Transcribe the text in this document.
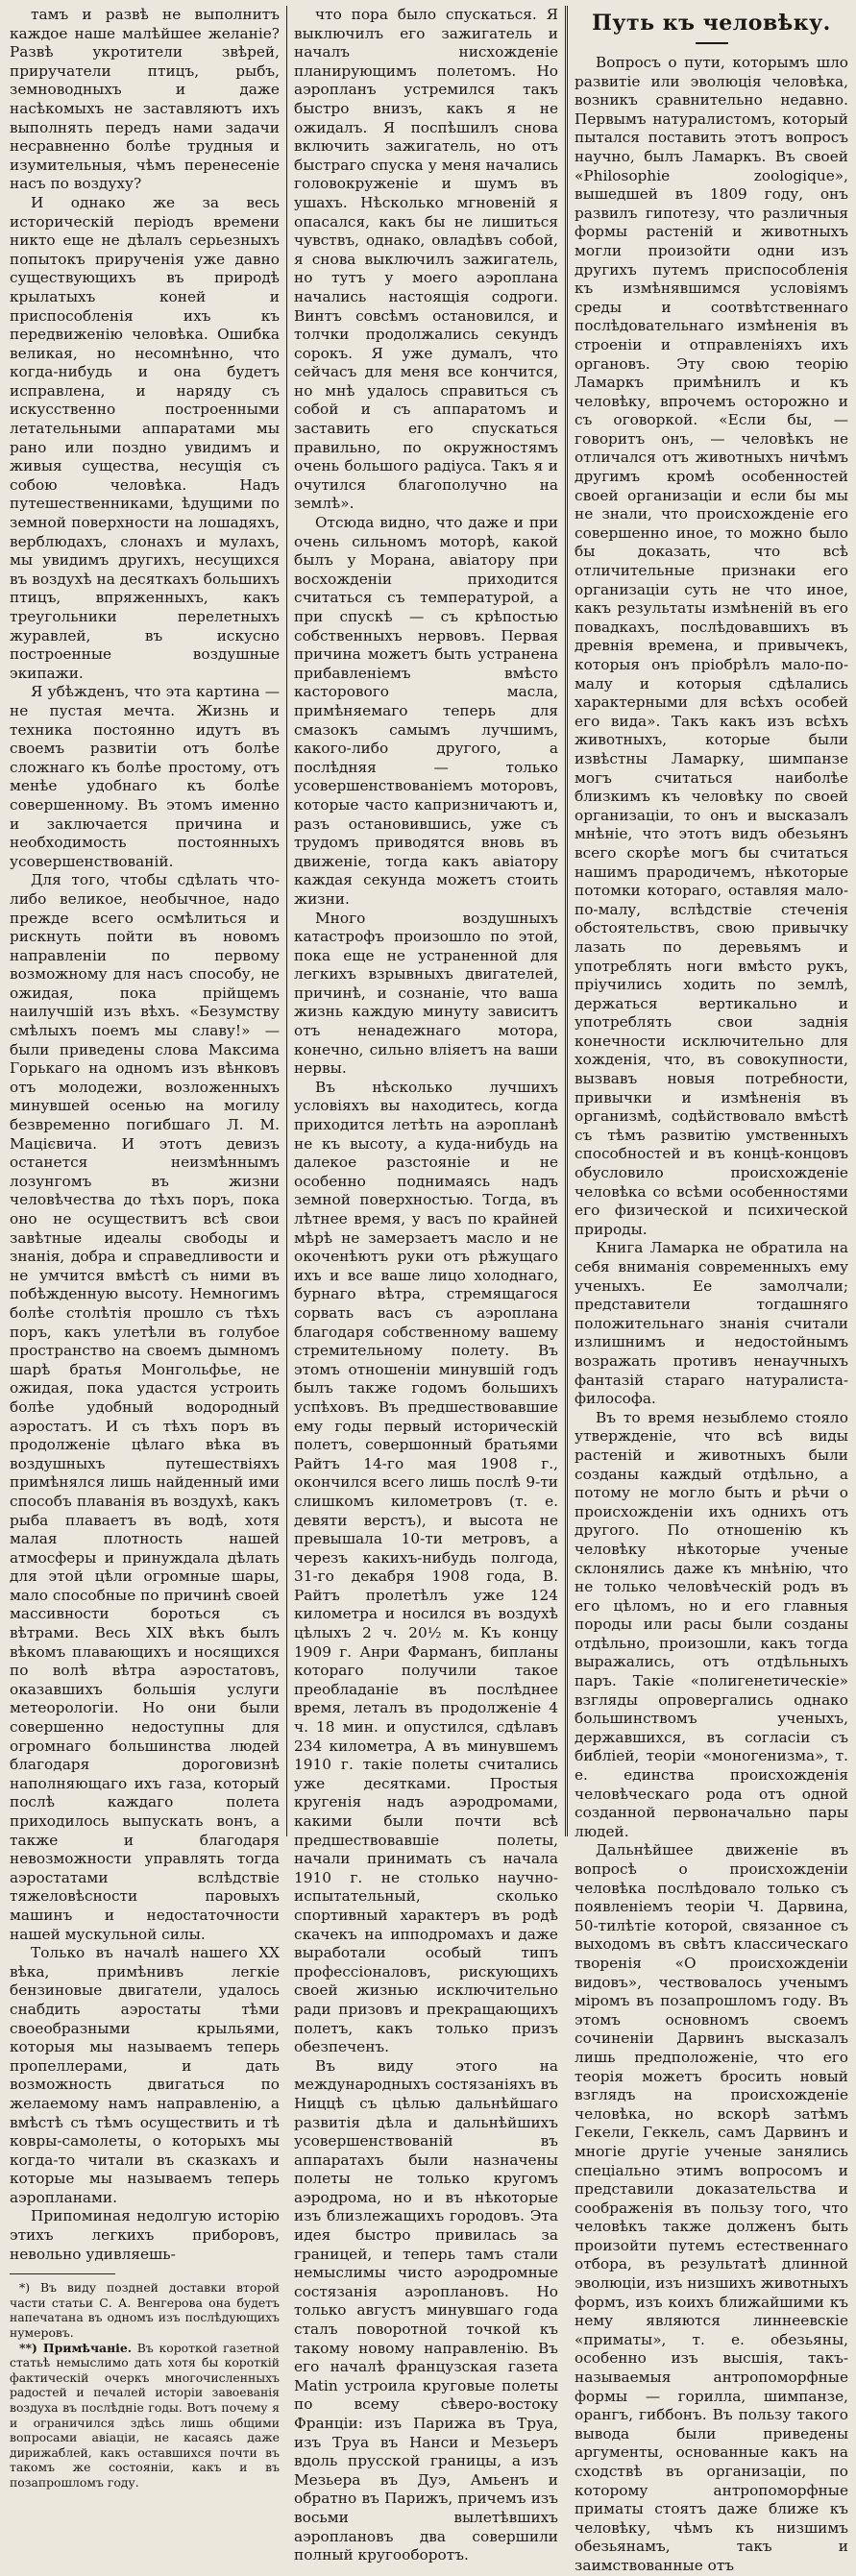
тамъ и развѣ не выполнитъ каждое наше малѣйшее желаніе? Развѣ укротители звѣрей, приручатели птицъ, рыбъ, земноводныхъ и даже насѣкомыхъ не заставляютъ ихъ выполнять передъ нами задачи несравненно болѣе трудныя и изумительныя, чѣмъ перенесеніе насъ по воздуху?

И однако же за весь историческій періодъ времени никто еще не дѣлалъ серьезныхъ попытокъ прирученія уже давно существующихъ въ природѣ крылатыхъ коней и приспособленія ихъ къ передвиженію человѣка. Ошибка великая, но несомнѣнно, что когда-нибудь и она будетъ исправлена, и наряду съ искусственно построенными летательными аппаратами мы рано или поздно увидимъ и живыя существа, несущія съ собою человѣка. Надъ путешественниками, ѣдущими по земной поверхности на лошадяхъ, верблюдахъ, слонахъ и мулахъ, мы увидимъ другихъ, несущихся въ воздухѣ на десяткахъ большихъ птицъ, впряженныхъ, какъ треугольники перелетныхъ журавлей, въ искусно построенные воздушные экипажи.

Я убѣжденъ, что эта картина — не пустая мечта. Жизнь и техника постоянно идутъ въ своемъ развитіи отъ болѣе сложнаго къ болѣе простому, отъ менѣе удобнаго къ болѣе совершенному. Въ этомъ именно и заключается причина и необходимость постоянныхъ усовершенствованій.

Для того, чтобы сдѣлать что-либо великое, необычное, надо прежде всего осмѣлиться и рискнуть пойти въ новомъ направленіи по первому возможному для насъ способу, не ожидая, пока прійщемъ наилучшій изъ вѣхъ. «Безумству смѣлыхъ поемъ мы славу!» — были приведены слова Максима Горькаго на одномъ изъ вѣнковъ отъ молодежи, возложенныхъ минувшей осенью на могилу безвременно погибшаго Л. М. Мацієвича. И этотъ девизъ останется неизмѣннымъ лозунгомъ въ жизни человѣчества до тѣхъ поръ, пока оно не осуществитъ всѣ свои завѣтные идеалы свободы и знанія, добра и справедливости и не умчится вмѣстѣ съ ними въ побѣжденную высоту. Немногимъ болѣе столѣтія прошло съ тѣхъ поръ, какъ улетѣли въ голубое пространство на своемъ дымномъ шарѣ братья Монгольфье, не ожидая, пока удастся устроить болѣе удобный водородный аэростатъ. И съ тѣхъ поръ въ продолженіе цѣлаго вѣка въ воздушныхъ путешествіяхъ примѣнялся лишь найденный ими способъ плаванія въ воздухѣ, какъ рыба плаваетъ въ водѣ, хотя малая плотность нашей атмосферы и принуждала дѣлать для этой цѣли огромные шары, мало способные по причинѣ своей массивности бороться съ вѣтрами. Весь XIX вѣкъ былъ вѣкомъ плавающихъ и носящихся по волѣ вѣтра аэростатовъ, оказавшихъ большія услуги метеорологіи. Но они были совершенно недоступны для огромнаго большинства людей благодаря дороговизнѣ наполняющаго ихъ газа, который послѣ каждаго полета приходилось выпускать вонъ, а также и благодаря невозможности управлять тогда аэростатами вслѣдствіе тяжеловѣсности паровыхъ машинъ и недостаточности нашей мускульной силы.

Только въ началѣ нашего XX вѣка, примѣнивъ легкіе бензиновые двигатели, удалось снабдить аэростаты тѣми своеобразными крыльями, которыя мы называемъ теперь пропеллерами, и дать возможность двигаться по желаемому намъ направленію, а вмѣстѣ съ тѣмъ осуществить и тѣ ковры-самолеты, о которыхъ мы когда-то читали въ сказкахъ и которые мы называемъ теперь аэропланами.

Припоминая недолгую исторію этихъ легкихъ приборовъ, невольно удивляешь-

*) Въ виду поздней доставки второй части статьи С. А. Венгерова она будетъ напечатана въ одномъ изъ послѣдующихъ нумеровъ.

**) Примѣчаніе. Въ короткой газетной статьѣ немыслимо дать хотя бы короткій фактическій очеркъ многочисленныхъ радостей и печалей исторіи завоеванія воздуха въ послѣдніе годы. Вотъ почему я и ограничился здѣсь лишь общими вопросами авіаціи, не касаясь даже дирижаблей, какъ оставшихся почти въ такомъ же состояніи, какъ и въ позапрошломъ году.

что пора было спускаться. Я выключилъ его зажигатель и началъ нисхожденіе планирующимъ полетомъ. Но аэропланъ устремился такъ быстро внизъ, какъ я не ожидалъ. Я поспѣшилъ снова включить зажигатель, но отъ быстраго спуска у меня начались головокруженіе и шумъ въ ушахъ. Нѣсколько мгновеній я опасался, какъ бы не лишиться чувствъ, однако, овладѣвъ собой, я снова выключилъ зажигатель, но тутъ у моего аэроплана начались настоящія содроги. Винтъ совсѣмъ остановился, и толчки продолжались секундъ сорокъ. Я уже думалъ, что сейчасъ для меня все кончится, но мнѣ удалось справиться съ собой и съ аппаратомъ и заставить его спускаться правильно, по окружностямъ очень большого радіуса. Такъ я и очутился благополучно на землѣ».

Отсюда видно, что даже и при очень сильномъ моторѣ, какой былъ у Моранa, авіатору при восхожденіи приходится считаться съ температурой, а при спускѣ — съ крѣпостью собственныхъ нервовъ. Первая причина можетъ быть устранена прибавленіемъ вмѣсто касторового масла, примѣняемаго теперь для смазокъ самымъ лучшимъ, какого-либо другого, а послѣдняя — только усовершенствованіемъ моторовъ, которые часто капризничаютъ и, разъ остановившись, уже съ трудомъ приводятся вновь въ движеніе, тогда какъ авіатору каждая секунда можетъ стоить жизни.

Много воздушныхъ катастрофъ произошло по этой, пока еще не устраненной для легкихъ взрывныхъ двигателей, причинѣ, и сознаніе, что ваша жизнь каждую минуту зависитъ отъ ненадежнаго мотора, конечно, сильно вліяетъ на ваши нервы.

Въ нѣсколько лучшихъ условіяхъ вы находитесь, когда приходится летѣть на аэропланѣ не къ высоту, а кудa-нибудь на далекое разстояніе и не особенно поднимаясь надъ земной поверхностью. Тогда, въ лѣтнее время, у васъ по крайней мѣрѣ не замерзаетъ масло и не окоченѣютъ руки отъ рѣжущаго ихъ и все ваше лицо холоднаго, бурнаго вѣтра, стремящагося сорвать васъ съ аэроплана благодаря собственному вашему стремительному полету. Въ этомъ отношеніи минувшій годъ былъ также годомъ большихъ успѣховъ. Въ предшествовавшие ему годы первый историческій полетъ, совершонный братьями Райтъ 14-го мая 1908 г., окончился всего лишь послѣ 9-ти слишкомъ километровъ (т. е. девяти верстъ), и высота не превышала 10-ти метровъ, а черезъ какихъ-нибудь полгода, 31-го декабря 1908 года, В. Райтъ пролетѣлъ уже 124 километра и носился въ воздухѣ цѣлыхъ 2 ч. 20½ м. Къ концу 1909 г. Анри Фарманъ, бипланы котораго получили такое преобладаніе въ послѣднее время, леталъ въ продолженіе 4 ч. 18 мин. и опустился, сдѣлавъ 234 километра, А въ минувшемъ 1910 г. такіе полеты считались уже десятками. Простыя кругенія надъ аэродромами, какими были почти всѣ предшествовавшіе полеты, начали принимать съ начала 1910 г. не столько научно-испытательный, сколько спортивный характеръ въ родѣ скачекъ на ипподромахъ и даже выработали особый типъ профессіоналовъ, рискующихъ своей жизнью исключительно ради призовъ и прекращающихъ полетъ, какъ только призъ обезпеченъ.

Въ виду этого на международныхъ состязаніяхъ въ Ниццѣ съ цѣлью дальнѣйшаго развитія дѣла и дальнѣйшихъ усовершенствованій въ аппаратахъ были назначены полеты не только кругомъ аэродрома, но и въ нѣкоторые изъ близлежащихъ городовъ. Эта идея быстро привилась за границей, и теперь тамъ стали немыслимы чисто аэродромные состязанія аэроплановъ. Но только августъ минувшаго года сталъ поворотной точкой къ такому новому направленію. Въ его началѣ французская газета Matin устроила круговые полеты по всему сѣверо-востоку Франціи: изъ Парижа въ Труа, изъ Труа въ Нанси и Мезьеръ вдоль прусской границы, а изъ Мезьера въ Дуэ, Амьенъ и обратно въ Парижъ, причемъ изъ восьми вылетѣвшихъ аэроплановъ два совершили полный кругооборотъ.

Путь къ человѣку.

Вопросъ о пути, которымъ шло развитіе или эволюція человѣка, возникъ сравнительно недавно. Первымъ натуралистомъ, который пытался поставить этотъ вопросъ научно, былъ Ламаркъ. Въ своей «Philosophie zoologique», вышедшей въ 1809 году, онъ развилъ гипотезу, что различныя формы растеній и животныхъ могли произойти одни изъ другихъ путемъ приспособленія къ измѣнявшимся условіямъ среды и соотвѣтственнаго послѣдовательнаго измѣненія въ строеніи и отправленіяхъ ихъ органовъ. Эту свою теорію Ламаркъ примѣнилъ и къ человѣку, впрочемъ осторожно и съ оговоркой. «Если бы, — говоритъ онъ, — человѣкъ не отличался отъ животныхъ ничѣмъ другимъ кромѣ особенностей своей организаціи и если бы мы не знали, что происхожденіе его совершенно иное, то можно было бы доказать, что всѣ отличительные признаки его организаціи суть не что иное, какъ результаты измѣненій въ его повадкахъ, послѣдовавшихъ въ древнія времена, и привычекъ, которыя онъ пріобрѣлъ мало-по-малу и которыя сдѣлались характерными для всѣхъ особей его вида». Такъ какъ изъ всѣхъ животныхъ, которые были извѣстны Ламарку, шимпанзе могъ считаться наиболѣе близкимъ къ человѣку по своей организаціи, то онъ и высказалъ мнѣніе, что этотъ видъ обезьянъ всего скорѣе могъ бы считаться нашимъ прародичемъ, нѣкоторые потомки котораго, оставляя мало-по-малу, вслѣдствіе стеченія обстоятельствъ, свою привычку лазать по деревьямъ и употреблять ноги вмѣсто рукъ, пріучились ходить по землѣ, держаться вертикально и употреблять свои заднія конечности исключительно для хожденія, что, въ совокупности, вызвавъ новыя потребности, привычки и измѣненія въ организмѣ, содѣйствовало вмѣстѣ съ тѣмъ развитію умственныхъ способностей и въ концѣ-концовъ обусловило происхожденіе человѣка со всѣми особенностями его физической и психической природы.

Книга Ламарка не обратила на себя вниманія современныхъ ему ученыхъ. Ее замолчали; представители тогдашняго положительнаго знанія считали излишнимъ и недостойнымъ возражать противъ ненаучныхъ фантазій стараго натуралиста-философа.

Въ то время незыблемо стояло утвержденіе, что всѣ виды растеній и животныхъ были созданы каждый отдѣльно, а потому не могло быть и рѣчи о происхожденіи ихъ однихъ отъ другого. По отношенію къ человѣку нѣкоторые ученые склонялись даже къ мнѣнію, что не только человѣческій родъ въ его цѣломъ, но и его главныя породы или расы были созданы отдѣльно, произошли, какъ тогда выражались, отъ отдѣльныхъ паръ. Такіе «полигенетическіе» взгляды опровергались однако большинствомъ ученыхъ, державшихся, въ согласіи съ библіей, теоріи «моногенизма», т. е. единства происхожденія человѣческаго рода отъ одной созданной первоначально пары людей.

Дальнѣйшее движеніе въ вопросѣ о происхожденіи человѣка послѣдовало только съ появленіемъ теоріи Ч. Дарвина, 50-тилѣтіе которой, связанное съ выходомъ въ свѣтъ классическаго творенія «О происхожденіи видовъ», чествовалось ученымъ міромъ въ позапрошломъ году. Въ этомъ основномъ своемъ сочиненіи Дарвинъ высказалъ лишь предположеніе, что его теорія можетъ бросить новый взглядъ на происхожденіе человѣка, но вскорѣ затѣмъ Гекели, Геккель, самъ Дарвинъ и многіе другіе ученые занялись спеціально этимъ вопросомъ и представили доказательства и соображенія въ пользу того, что человѣкъ также долженъ быть произойти путемъ естественнаго отбора, въ результатѣ длинной эволюціи, изъ низшихъ животныхъ формъ, изъ коихъ ближайшими къ нему являются линнеевскіе «приматы», т. е. обезьяны, особенно изъ высшія, такъ-называемыя антропоморфные формы — горилла, шимпанзе, орангъ, гиббонъ. Въ пользу такого вывода были приведены аргументы, основанные какъ на сходствѣ въ организаціи, по которому антропоморфные приматы стоятъ даже ближе къ человѣку, чѣмъ къ низшимъ обезьянамъ, такъ и заимствованные отъ
